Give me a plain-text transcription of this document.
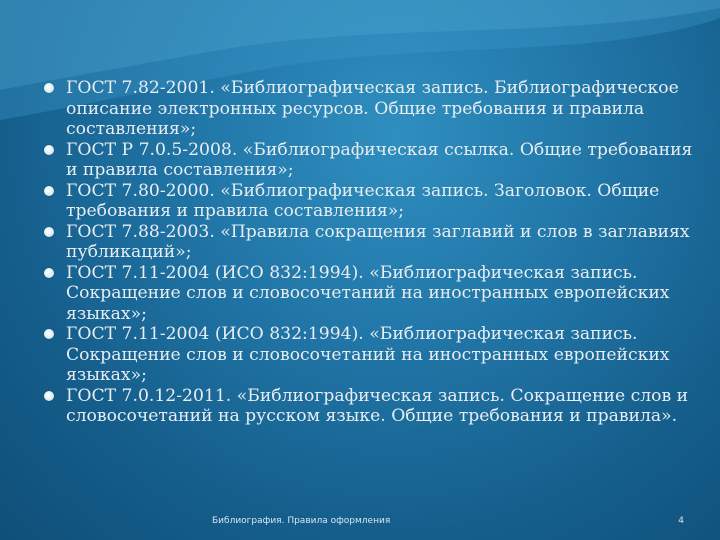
ГОСТ 7.82-2001. «Библиографическая запись. Библиографическое описание электронных ресурсов. Общие требования и правила составления»;
ГОСТ Р 7.0.5-2008. «Библиографическая ссылка. Общие требования и правила составления»;
ГОСТ 7.80-2000. «Библиографическая запись. Заголовок. Общие требования и правила составления»;
ГОСТ 7.88-2003. «Правила сокращения заглавий и слов в заглавиях публикаций»;
ГОСТ 7.11-2004 (ИСО 832:1994). «Библиографическая запись. Сокращение слов и словосочетаний на иностранных европейских языках»;
ГОСТ 7.11-2004 (ИСО 832:1994). «Библиографическая запись. Сокращение слов и словосочетаний на иностранных европейских языках»;
ГОСТ 7.0.12-2011. «Библиографическая запись. Сокращение слов и словосочетаний на русском языке. Общие требования и правила».
Библиография. Правила оформления	4
